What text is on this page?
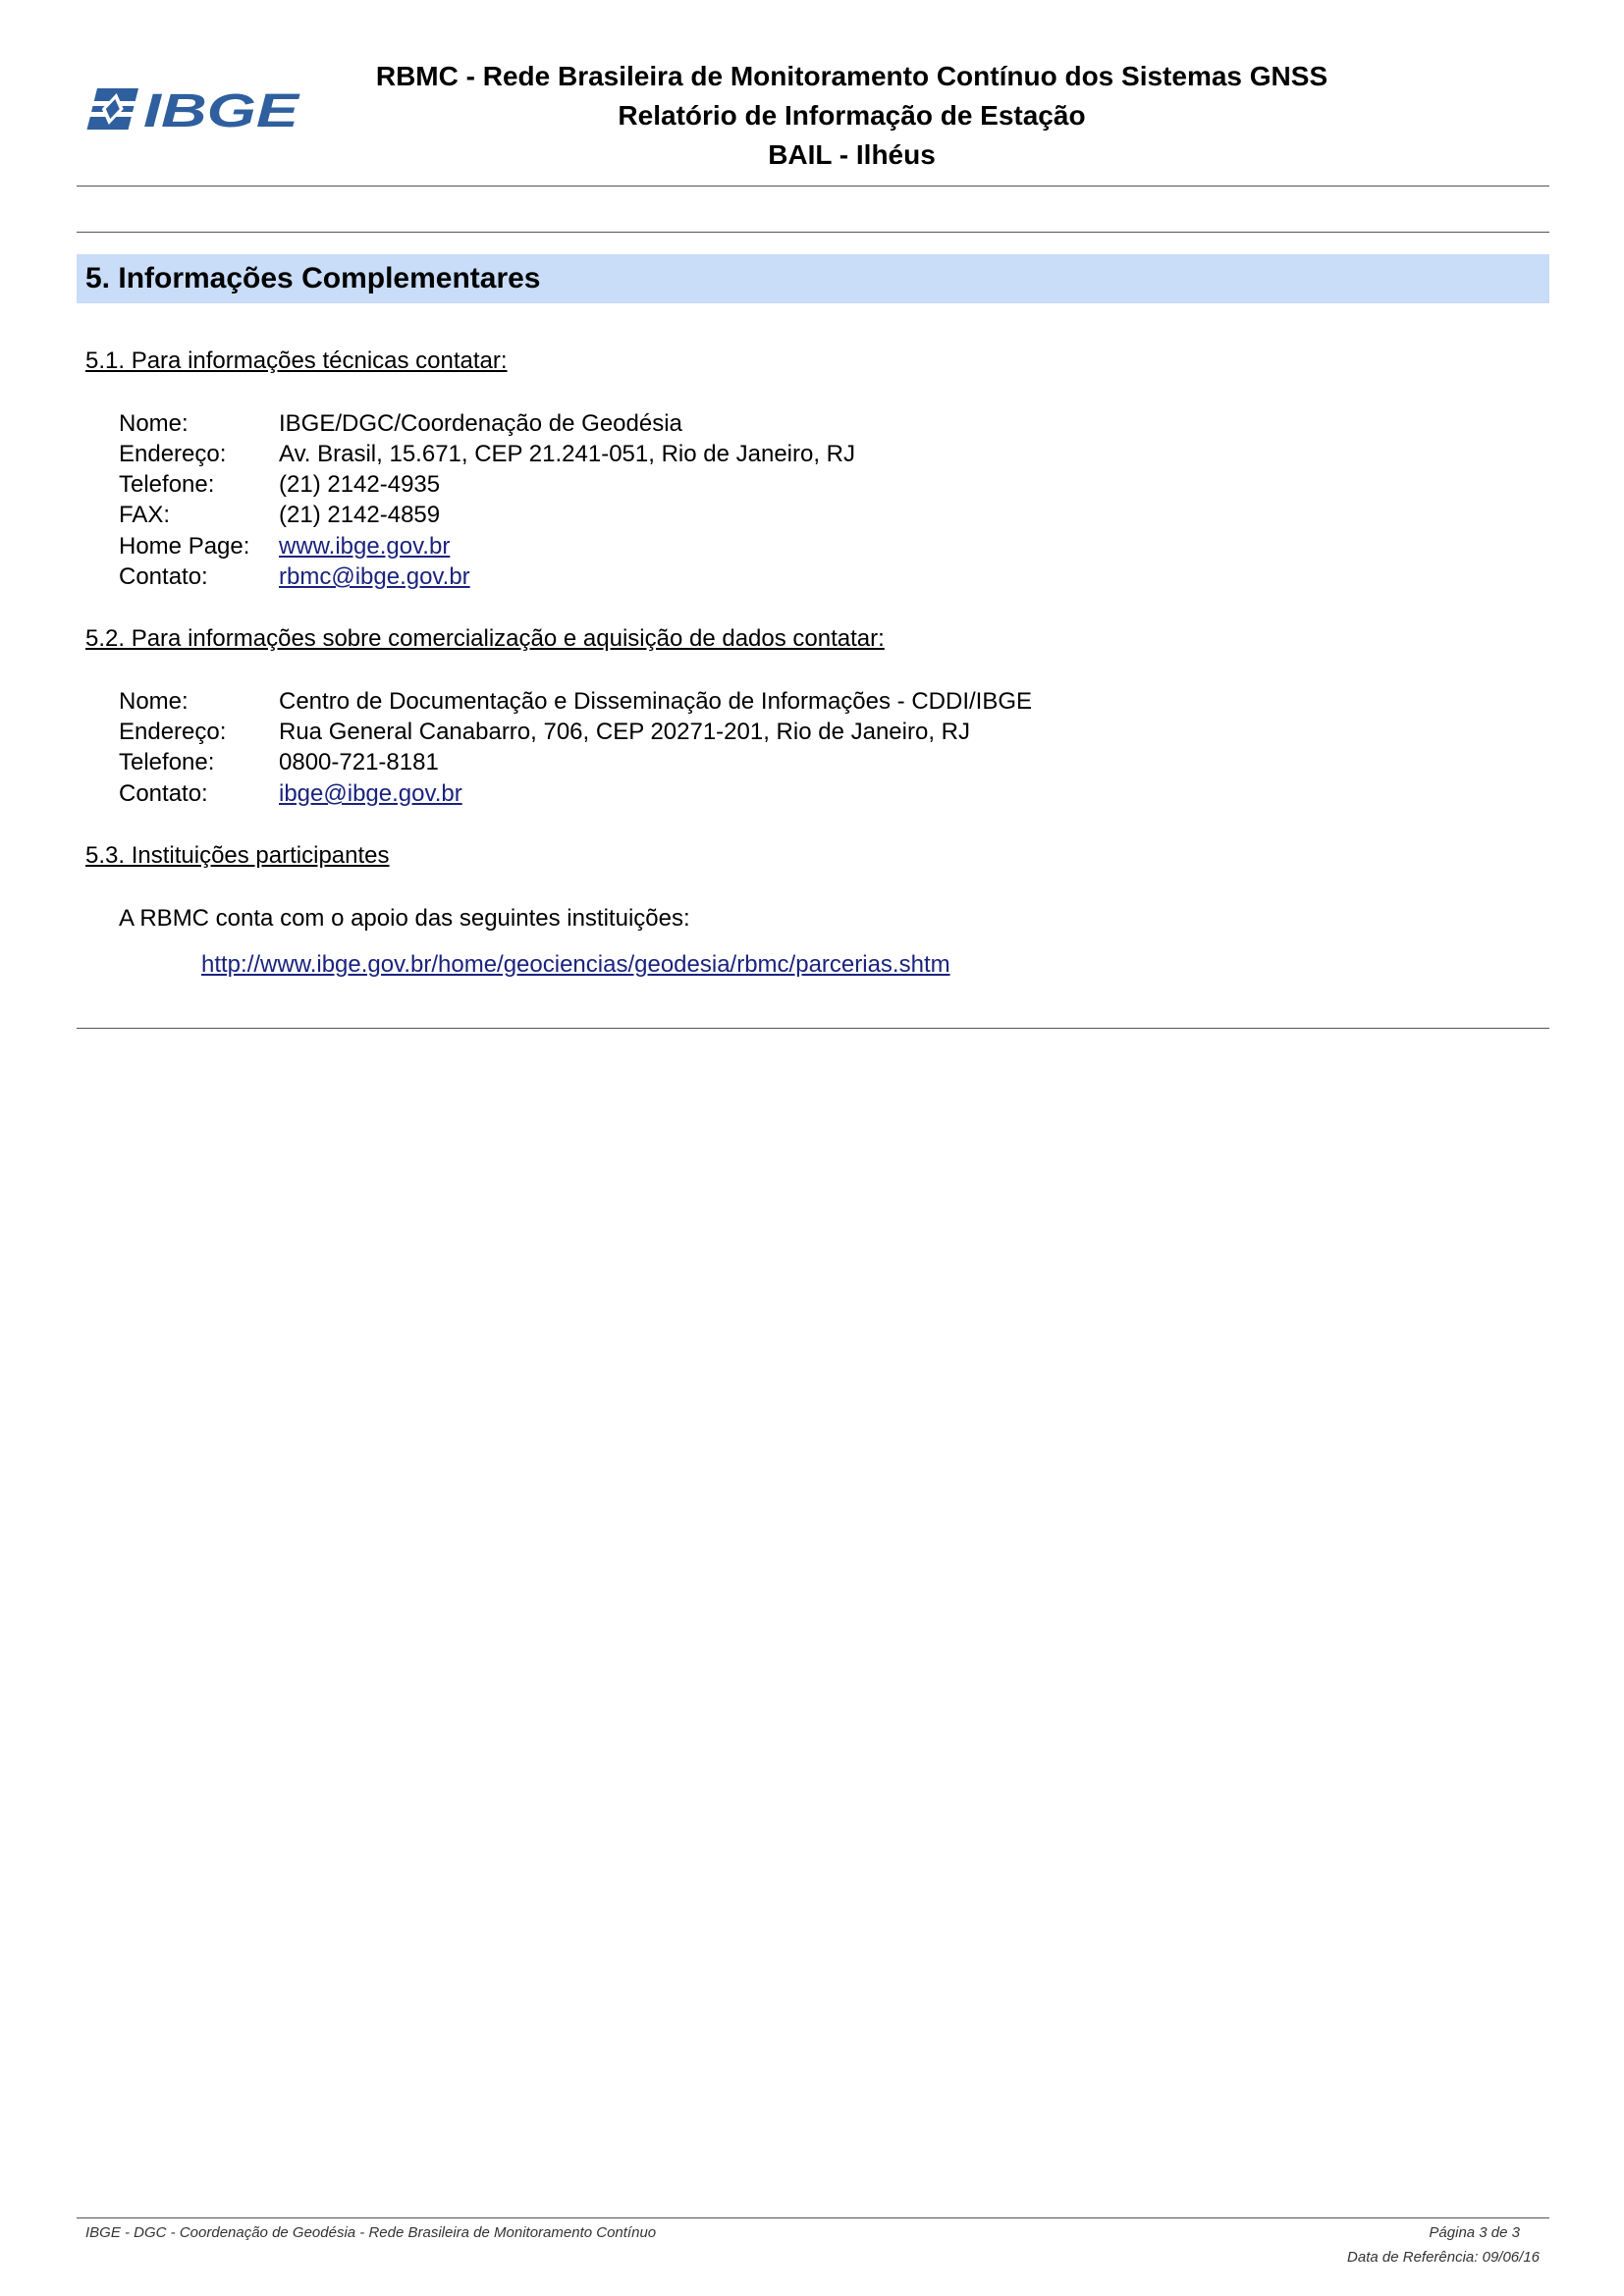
IBGE
RBMC - Rede Brasileira de Monitoramento Contínuo dos Sistemas GNSS
Relatório de Informação de Estação
BAIL - Ilhéus
5. Informações Complementares
5.1. Para informações técnicas contatar:
Nome:	IBGE/DGC/Coordenação de Geodésia
Endereço: Av. Brasil, 15.671, CEP 21.241-051, Rio de Janeiro, RJ
Telefone:	(21) 2142-4935
FAX:	(21) 2142-4859
Home Page: www.ibge.gov.br
Contato:	rbmc@ibge.gov.br
5.2. Para informações sobre comercialização e aquisição de dados contatar:
Nome:	Centro de Documentação e Disseminação de Informações - CDDI/IBGE
Endereço: Rua General Canabarro, 706, CEP 20271-201, Rio de Janeiro, RJ
Telefone:	0800-721-8181
Contato:	ibge@ibge.gov.br
5.3. Instituições participantes
A RBMC conta com o apoio das seguintes instituições:
http://www.ibge.gov.br/home/geociencias/geodesia/rbmc/parcerias.shtm
IBGE - DGC - Coordenação de Geodésia - Rede Brasileira de Monitoramento Contínuo	Página 3 de 3
Data de Referência: 09/06/16
